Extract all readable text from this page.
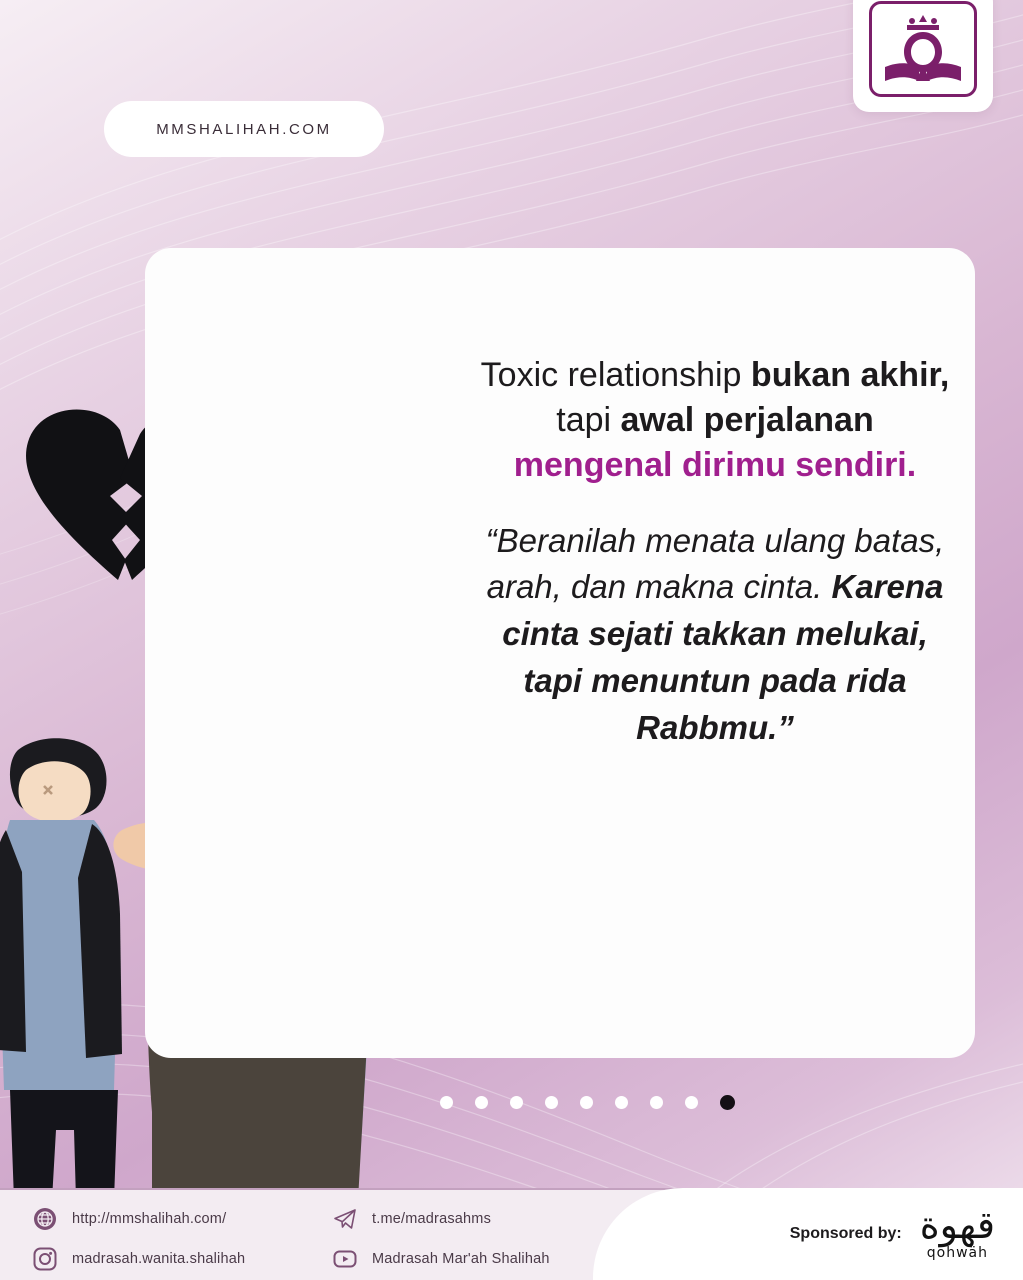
MMSHALIHAH.COM
Toxic relationship bukan akhir,
tapi awal perjalanan
mengenal dirimu sendiri.
“Beranilah menata ulang batas, arah, dan makna cinta. Karena cinta sejati takkan melukai, tapi menuntun pada rida Rabbmu.”
http://mmshalihah.com/
madrasah.wanita.shalihah
t.me/madrasahms
Madrasah Mar'ah Shalihah
Sponsored by: قهوة
qohwäh
